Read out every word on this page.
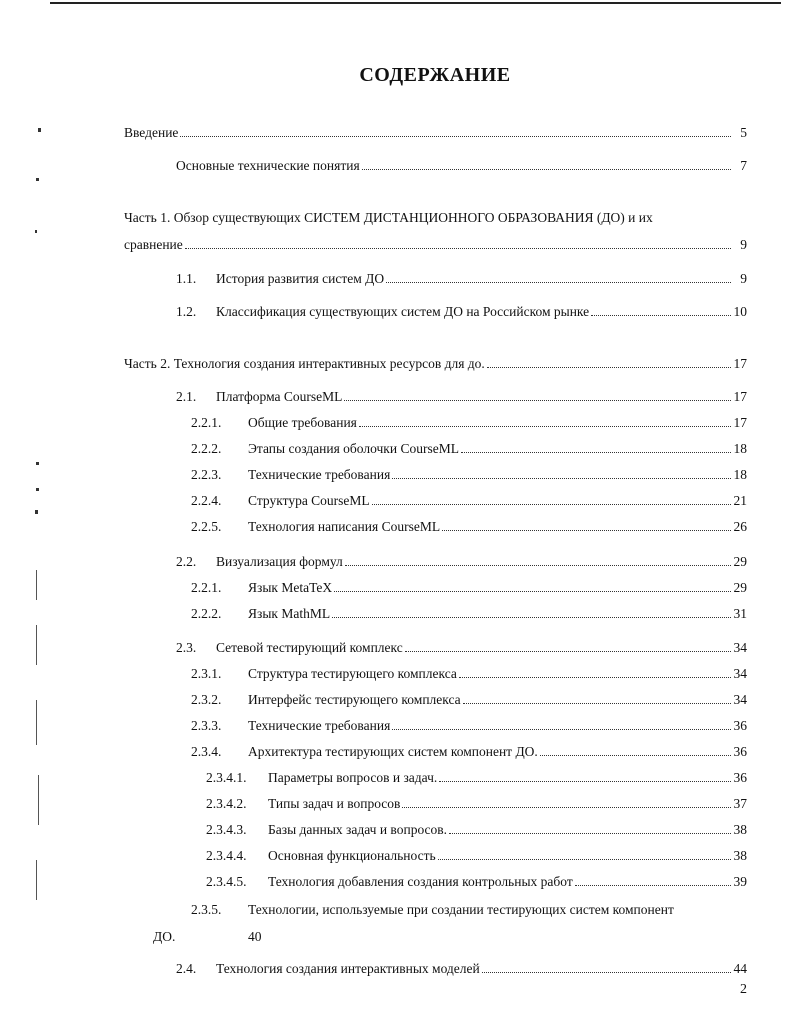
СОДЕРЖАНИЕ
Введение	5
Основные технические понятия	7
Часть 1. Обзор существующих СИСТЕМ ДИСТАНЦИОННОГО ОБРАЗОВАНИЯ (ДО) и их
сравнение	9
1.1.	История развития систем ДО	9
1.2.	Классификация существующих систем ДО на Российском рынке	10
Часть 2. Технология создания интерактивных ресурсов для до.	17
2.1.	Платформа CourseML	17
2.2.1.	Общие требования	17
2.2.2.	Этапы создания оболочки CourseML	18
2.2.3.	Технические требования	18
2.2.4.	Структура CourseML	21
2.2.5.	Технология написания CourseML	26
2.2.	Визуализация формул	29
2.2.1.	Язык MetaTeX	29
2.2.2.	Язык MathML	31
2.3.	Сетевой тестирующий комплекс	34
2.3.1.	Структура тестирующего комплекса	34
2.3.2.	Интерфейс тестирующего комплекса	34
2.3.3.	Технические требования	36
2.3.4.	Архитектура тестирующих систем компонент ДО.	36
2.3.4.1.	Параметры вопросов и задач.	36
2.3.4.2.	Типы задач и вопросов	37
2.3.4.3.	Базы данных задач и вопросов.	38
2.3.4.4.	Основная функциональность	38
2.3.4.5.	Технология добавления создания контрольных работ	39
2.3.5. Технологии, используемые при создании тестирующих систем компонент
ДО.	40
2.4.	Технология создания интерактивных моделей	44
2
